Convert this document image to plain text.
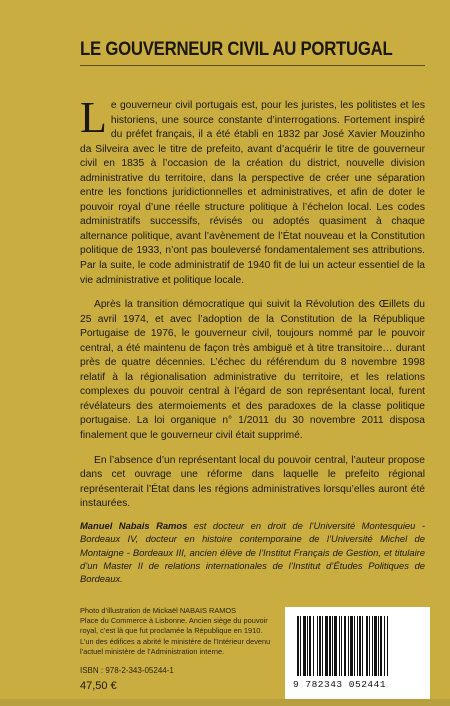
LE GOUVERNEUR CIVIL AU PORTUGAL

Le gouverneur civil portugais est, pour les juristes, les politistes et les historiens, une source constante d’interrogations. Fortement inspiré du préfet français, il a été établi en 1832 par José Xavier Mouzinho da Silveira avec le titre de prefeito, avant d’acquérir le titre de gouverneur civil en 1835 à l’occasion de la création du district, nouvelle division administrative du territoire, dans la perspective de créer une séparation entre les fonctions juridictionnelles et administratives, et afin de doter le pouvoir royal d’une réelle structure politique à l’échelon local. Les codes administratifs successifs, révisés ou adoptés quasiment à chaque alternance politique, avant l’avènement de l’État nouveau et la Constitution politique de 1933, n’ont pas bouleversé fondamentalement ses attributions. Par la suite, le code administratif de 1940 fit de lui un acteur essentiel de la vie administrative et politique locale.

Après la transition démocratique qui suivit la Révolution des Œillets du 25 avril 1974, et avec l’adoption de la Constitution de la République Portugaise de 1976, le gouverneur civil, toujours nommé par le pouvoir central, a été maintenu de façon très ambiguë et à titre transitoire… durant près de quatre décennies. L’échec du référendum du 8 novembre 1998 relatif à la régionalisation administrative du territoire, et les relations complexes du pouvoir central à l’égard de son représentant local, furent révélateurs des atermoiements et des paradoxes de la classe politique portugaise. La loi organique n° 1/2011 du 30 novembre 2011 disposa finalement que le gouverneur civil était supprimé.

En l’absence d’un représentant local du pouvoir central, l’auteur propose dans cet ouvrage une réforme dans laquelle le prefeito régional représenterait l’État dans les régions administratives lorsqu’elles auront été instaurées.

Manuel Nabais Ramos est docteur en droit de l’Université Montesquieu - Bordeaux IV, docteur en histoire contemporaine de l’Université Michel de Montaigne - Bordeaux III, ancien élève de l’Institut Français de Gestion, et titulaire d’un Master II de relations internationales de l’Institut d’Études Politiques de Bordeaux.
Photo d’illustration de Mickaël NABAIS RAMOS
Place du Commerce à Lisbonne. Ancien siège du pouvoir
royal, c’est là que fut proclamée la République en 1910.
L’un des édifices a abrité le ministère de l’Intérieur devenu
l’actuel ministère de l’Administration interne.
ISBN : 978-2-343-05244-1
47,50 €	9 782343 052441
